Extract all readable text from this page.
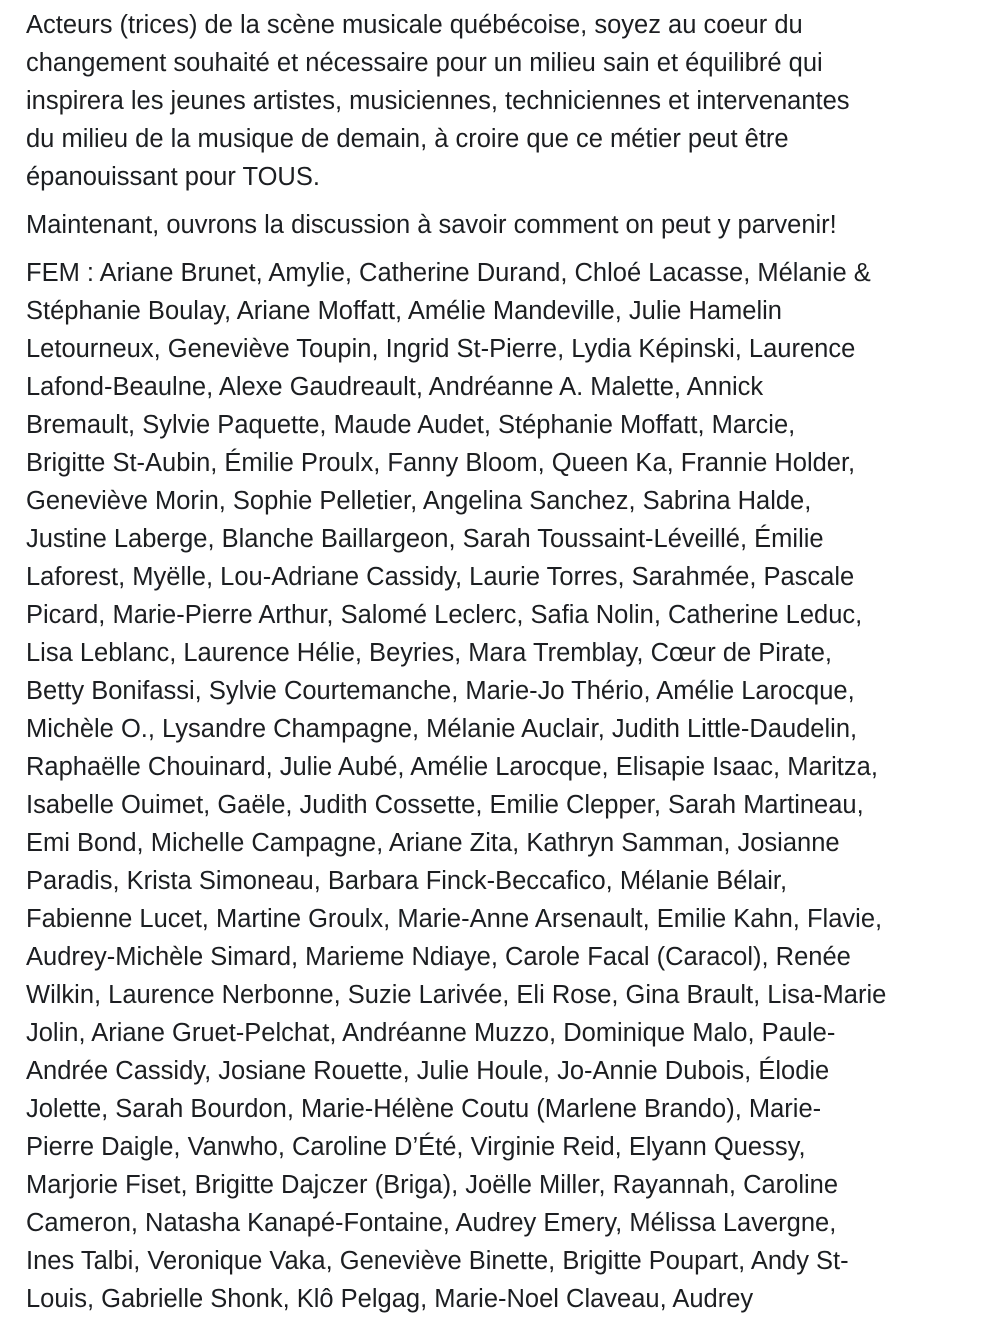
Acteurs (trices) de la scène musicale québécoise, soyez au coeur du
changement souhaité et nécessaire pour un milieu sain et équilibré qui
inspirera les jeunes artistes, musiciennes, techniciennes et intervenantes
du milieu de la musique de demain, à croire que ce métier peut être
épanouissant pour TOUS.

Maintenant, ouvrons la discussion à savoir comment on peut y parvenir!

FEM : Ariane Brunet, Amylie, Catherine Durand, Chloé Lacasse, Mélanie &
Stéphanie Boulay, Ariane Moffatt, Amélie Mandeville, Julie Hamelin
Letourneux, Geneviève Toupin, Ingrid St-Pierre, Lydia Képinski, Laurence
Lafond-Beaulne, Alexe Gaudreault, Andréanne A. Malette, Annick
Bremault, Sylvie Paquette, Maude Audet, Stéphanie Moffatt, Marcie,
Brigitte St-Aubin, Émilie Proulx, Fanny Bloom, Queen Ka, Frannie Holder,
Geneviève Morin, Sophie Pelletier, Angelina Sanchez, Sabrina Halde,
Justine Laberge, Blanche Baillargeon, Sarah Toussaint-Léveillé, Émilie
Laforest, Myëlle, Lou-Adriane Cassidy, Laurie Torres, Sarahmée, Pascale
Picard, Marie-Pierre Arthur, Salomé Leclerc, Safia Nolin, Catherine Leduc,
Lisa Leblanc, Laurence Hélie, Beyries, Mara Tremblay, Cœur de Pirate,
Betty Bonifassi, Sylvie Courtemanche, Marie-Jo Thério, Amélie Larocque,
Michèle O., Lysandre Champagne, Mélanie Auclair, Judith Little-Daudelin,
Raphaëlle Chouinard, Julie Aubé, Amélie Larocque, Elisapie Isaac, Maritza,
Isabelle Ouimet, Gaële, Judith Cossette, Emilie Clepper, Sarah Martineau,
Emi Bond, Michelle Campagne, Ariane Zita, Kathryn Samman, Josianne
Paradis, Krista Simoneau, Barbara Finck-Beccafico, Mélanie Bélair,
Fabienne Lucet, Martine Groulx, Marie-Anne Arsenault, Emilie Kahn, Flavie,
Audrey-Michèle Simard, Marieme Ndiaye, Carole Facal (Caracol), Renée
Wilkin, Laurence Nerbonne, Suzie Larivée, Eli Rose, Gina Brault, Lisa-Marie
Jolin, Ariane Gruet-Pelchat, Andréanne Muzzo, Dominique Malo, Paule-
Andrée Cassidy, Josiane Rouette, Julie Houle, Jo-Annie Dubois, Élodie
Jolette, Sarah Bourdon, Marie-Hélène Coutu (Marlene Brando), Marie-
Pierre Daigle, Vanwho, Caroline D’Été, Virginie Reid, Elyann Quessy,
Marjorie Fiset, Brigitte Dajczer (Briga), Joëlle Miller, Rayannah, Caroline
Cameron, Natasha Kanapé-Fontaine, Audrey Emery, Mélissa Lavergne,
Ines Talbi, Veronique Vaka, Geneviève Binette, Brigitte Poupart, Andy St-
Louis, Gabrielle Shonk, Klô Pelgag, Marie-Noel Claveau, Audrey
